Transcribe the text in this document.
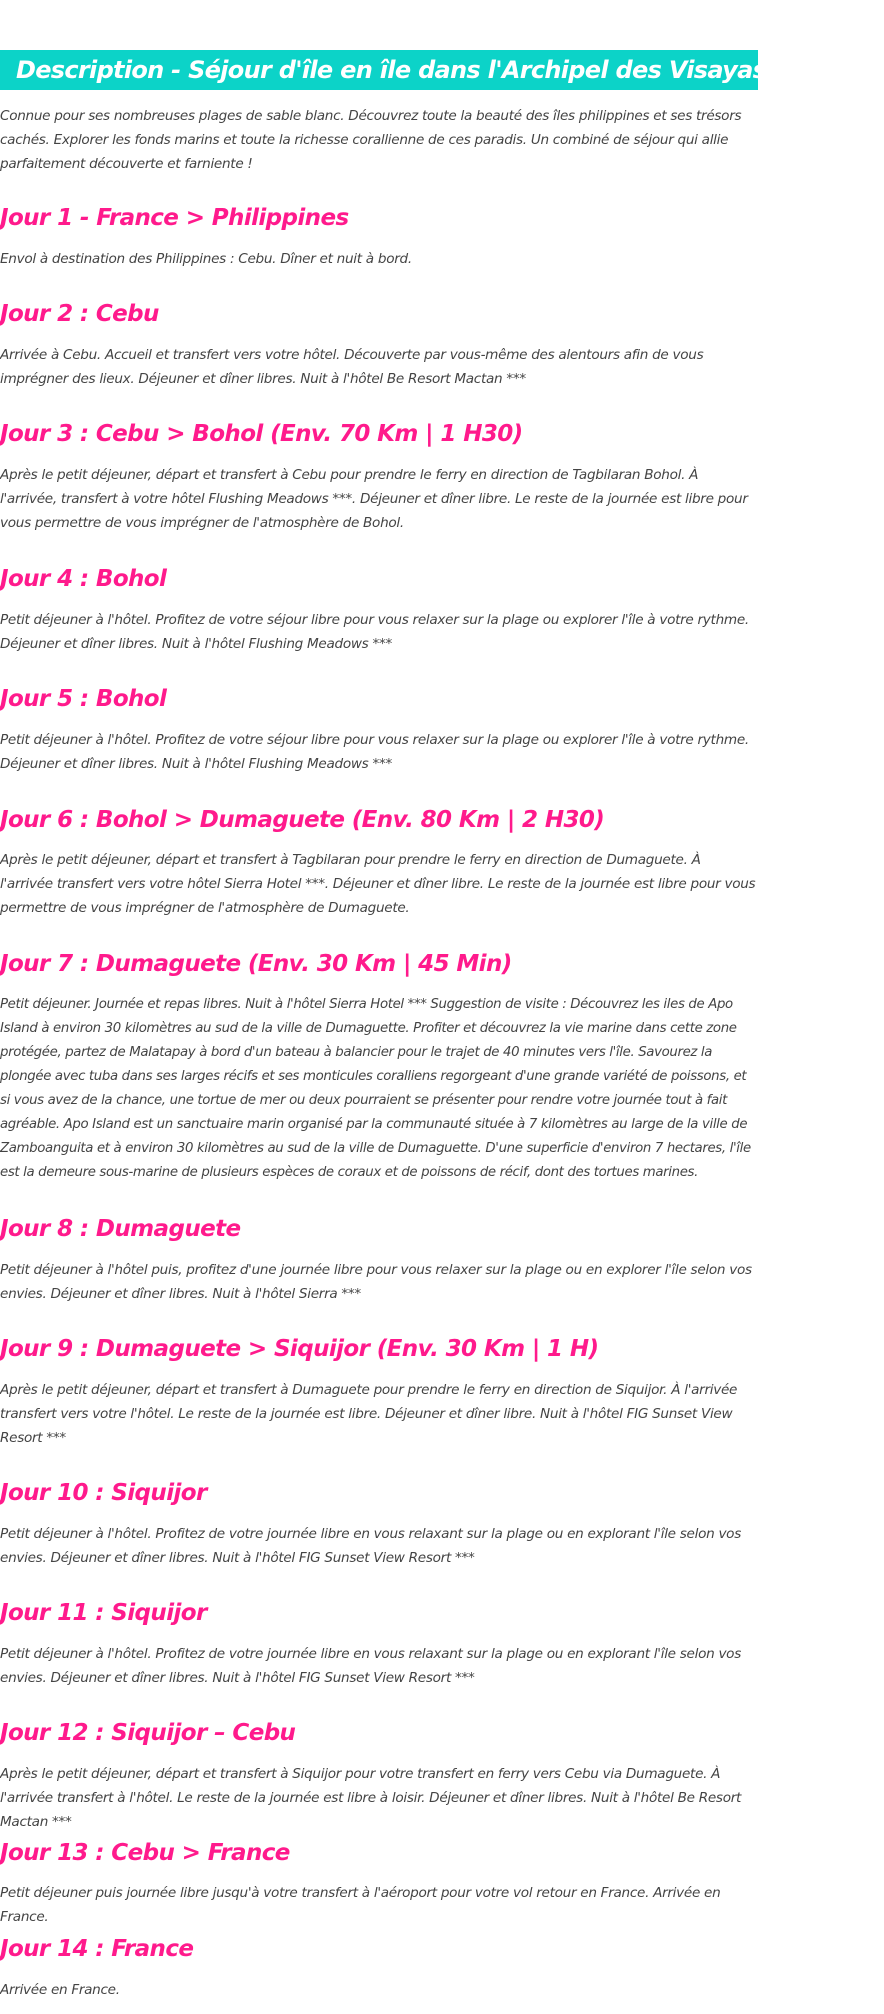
Description - Séjour d'île en île dans l'Archipel des Visayas - Privatif

Connue pour ses nombreuses plages de sable blanc. Découvrez toute la beauté des îles philippines et ses trésors cachés. Explorer les fonds marins et toute la richesse corallienne de ces paradis. Un combiné de séjour qui allie parfaitement découverte et farniente !

Jour 1 - France > Philippines

Envol à destination des Philippines : Cebu. Dîner et nuit à bord.

Jour 2 : Cebu

Arrivée à Cebu. Accueil et transfert vers votre hôtel. Découverte par vous-même des alentours afin de vous imprégner des lieux. Déjeuner et dîner libres. Nuit à l'hôtel Be Resort Mactan ***

Jour 3 : Cebu > Bohol (Env. 70 Km | 1 H30)

Après le petit déjeuner, départ et transfert à Cebu pour prendre le ferry en direction de Tagbilaran Bohol. À l'arrivée, transfert à votre hôtel Flushing Meadows ***. Déjeuner et dîner libre. Le reste de la journée est libre pour vous permettre de vous imprégner de l'atmosphère de Bohol.

Jour 4 : Bohol

Petit déjeuner à l'hôtel. Profitez de votre séjour libre pour vous relaxer sur la plage ou explorer l'île à votre rythme. Déjeuner et dîner libres. Nuit à l'hôtel Flushing Meadows ***

Jour 5 : Bohol

Petit déjeuner à l'hôtel. Profitez de votre séjour libre pour vous relaxer sur la plage ou explorer l'île à votre rythme. Déjeuner et dîner libres. Nuit à l'hôtel Flushing Meadows ***

Jour 6 : Bohol > Dumaguete (Env. 80 Km | 2 H30)

Après le petit déjeuner, départ et transfert à Tagbilaran pour prendre le ferry en direction de Dumaguete. À l'arrivée transfert vers votre hôtel Sierra Hotel ***. Déjeuner et dîner libre. Le reste de la journée est libre pour vous permettre de vous imprégner de l'atmosphère de Dumaguete.

Jour 7 : Dumaguete (Env. 30 Km | 45 Min)

Petit déjeuner. Journée et repas libres. Nuit à l'hôtel Sierra Hotel *** Suggestion de visite : Découvrez les iles de Apo Island à environ 30 kilomètres au sud de la ville de Dumaguette. Profiter et découvrez la vie marine dans cette zone protégée, partez de Malatapay à bord d'un bateau à balancier pour le trajet de 40 minutes vers l'île. Savourez la plongée avec tuba dans ses larges récifs et ses monticules coralliens regorgeant d'une grande variété de poissons, et si vous avez de la chance, une tortue de mer ou deux pourraient se présenter pour rendre votre journée tout à fait agréable. Apo Island est un sanctuaire marin organisé par la communauté située à 7 kilomètres au large de la ville de Zamboanguita et à environ 30 kilomètres au sud de la ville de Dumaguette. D'une superficie d'environ 7 hectares, l'île est la demeure sous-marine de plusieurs espèces de coraux et de poissons de récif, dont des tortues marines.

Jour 8 : Dumaguete

Petit déjeuner à l'hôtel puis, profitez d'une journée libre pour vous relaxer sur la plage ou en explorer l'île selon vos envies. Déjeuner et dîner libres. Nuit à l'hôtel Sierra ***

Jour 9 : Dumaguete > Siquijor (Env. 30 Km | 1 H)

Après le petit déjeuner, départ et transfert à Dumaguete pour prendre le ferry en direction de Siquijor. À l'arrivée transfert vers votre l'hôtel. Le reste de la journée est libre. Déjeuner et dîner libre. Nuit à l'hôtel FIG Sunset View Resort ***

Jour 10 : Siquijor

Petit déjeuner à l'hôtel. Profitez de votre journée libre en vous relaxant sur la plage ou en explorant l'île selon vos envies. Déjeuner et dîner libres. Nuit à l'hôtel FIG Sunset View Resort ***

Jour 11 : Siquijor

Petit déjeuner à l'hôtel. Profitez de votre journée libre en vous relaxant sur la plage ou en explorant l'île selon vos envies. Déjeuner et dîner libres. Nuit à l'hôtel FIG Sunset View Resort ***

Jour 12 : Siquijor – Cebu

Après le petit déjeuner, départ et transfert à Siquijor pour votre transfert en ferry vers Cebu via Dumaguete. À l'arrivée transfert à l'hôtel. Le reste de la journée est libre à loisir. Déjeuner et dîner libres. Nuit à l'hôtel Be Resort Mactan ***

Jour 13 : Cebu > France

Petit déjeuner puis journée libre jusqu'à votre transfert à l'aéroport pour votre vol retour en France. Arrivée en France.

Jour 14 : France

Arrivée en France.
